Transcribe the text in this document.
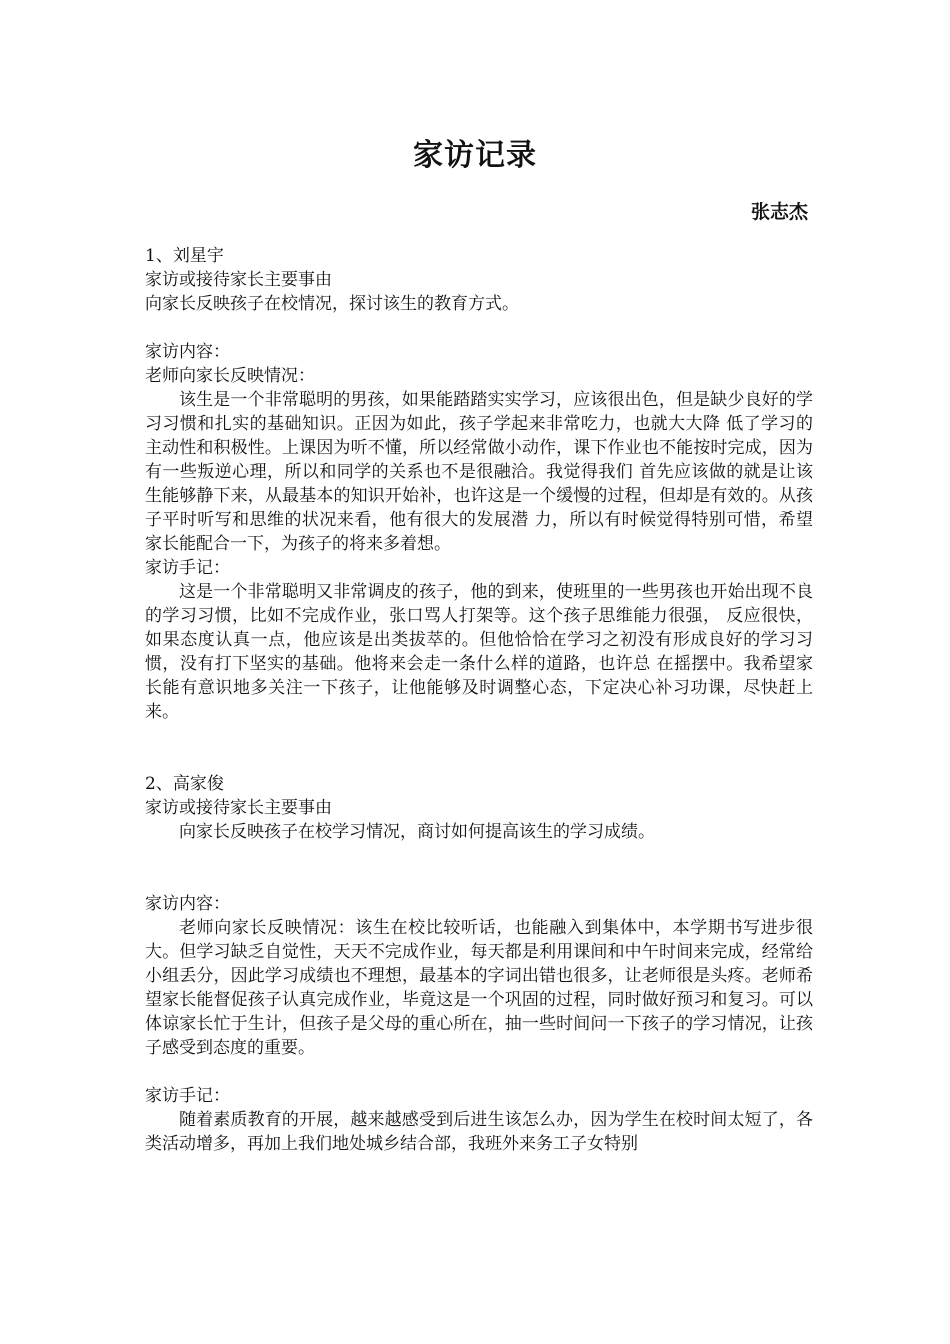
家访记录
张志杰
1、刘星宇
家访或接待家长主要事由
向家长反映孩子在校情况，探讨该生的教育方式。
家访内容：
老师向家长反映情况：
该生是一个非常聪明的男孩，如果能踏踏实实学习，应该很出色，但是缺少良好的学习习惯和扎实的基础知识。正因为如此，孩子学起来非常吃力，也就大大降 低了学习的主动性和积极性。上课因为听不懂，所以经常做小动作，课下作业也不能按时完成，因为有一些叛逆心理，所以和同学的关系也不是很融洽。我觉得我们 首先应该做的就是让该生能够静下来，从最基本的知识开始补，也许这是一个缓慢的过程，但却是有效的。从孩子平时听写和思维的状况来看，他有很大的发展潜 力，所以有时候觉得特别可惜，希望家长能配合一下，为孩子的将来多着想。
家访手记：
这是一个非常聪明又非常调皮的孩子，他的到来，使班里的一些男孩也开始出现不良的学习习惯，比如不完成作业，张口骂人打架等。这个孩子思维能力很强， 反应很快，如果态度认真一点，他应该是出类拔萃的。但他恰恰在学习之初没有形成良好的学习习惯，没有打下坚实的基础。他将来会走一条什么样的道路，也许总 在摇摆中。我希望家长能有意识地多关注一下孩子，让他能够及时调整心态，下定决心补习功课，尽快赶上来。
2、高家俊
家访或接待家长主要事由
向家长反映孩子在校学习情况，商讨如何提高该生的学习成绩。
家访内容：
老师向家长反映情况：该生在校比较听话，也能融入到集体中，本学期书写进步很大。但学习缺乏自觉性，天天不完成作业，每天都是利用课间和中午时间来完成，经常给小组丢分，因此学习成绩也不理想，最基本的字词出错也很多，让老师很是头疼。老师希望家长能督促孩子认真完成作业，毕竟这是一个巩固的过程，同时做好预习和复习。可以体谅家长忙于生计，但孩子是父母的重心所在，抽一些时间问一下孩子的学习情况，让孩子感受到态度的重要。
家访手记：
随着素质教育的开展，越来越感受到后进生该怎么办，因为学生在校时间太短了，各类活动增多，再加上我们地处城乡结合部，我班外来务工子女特别
